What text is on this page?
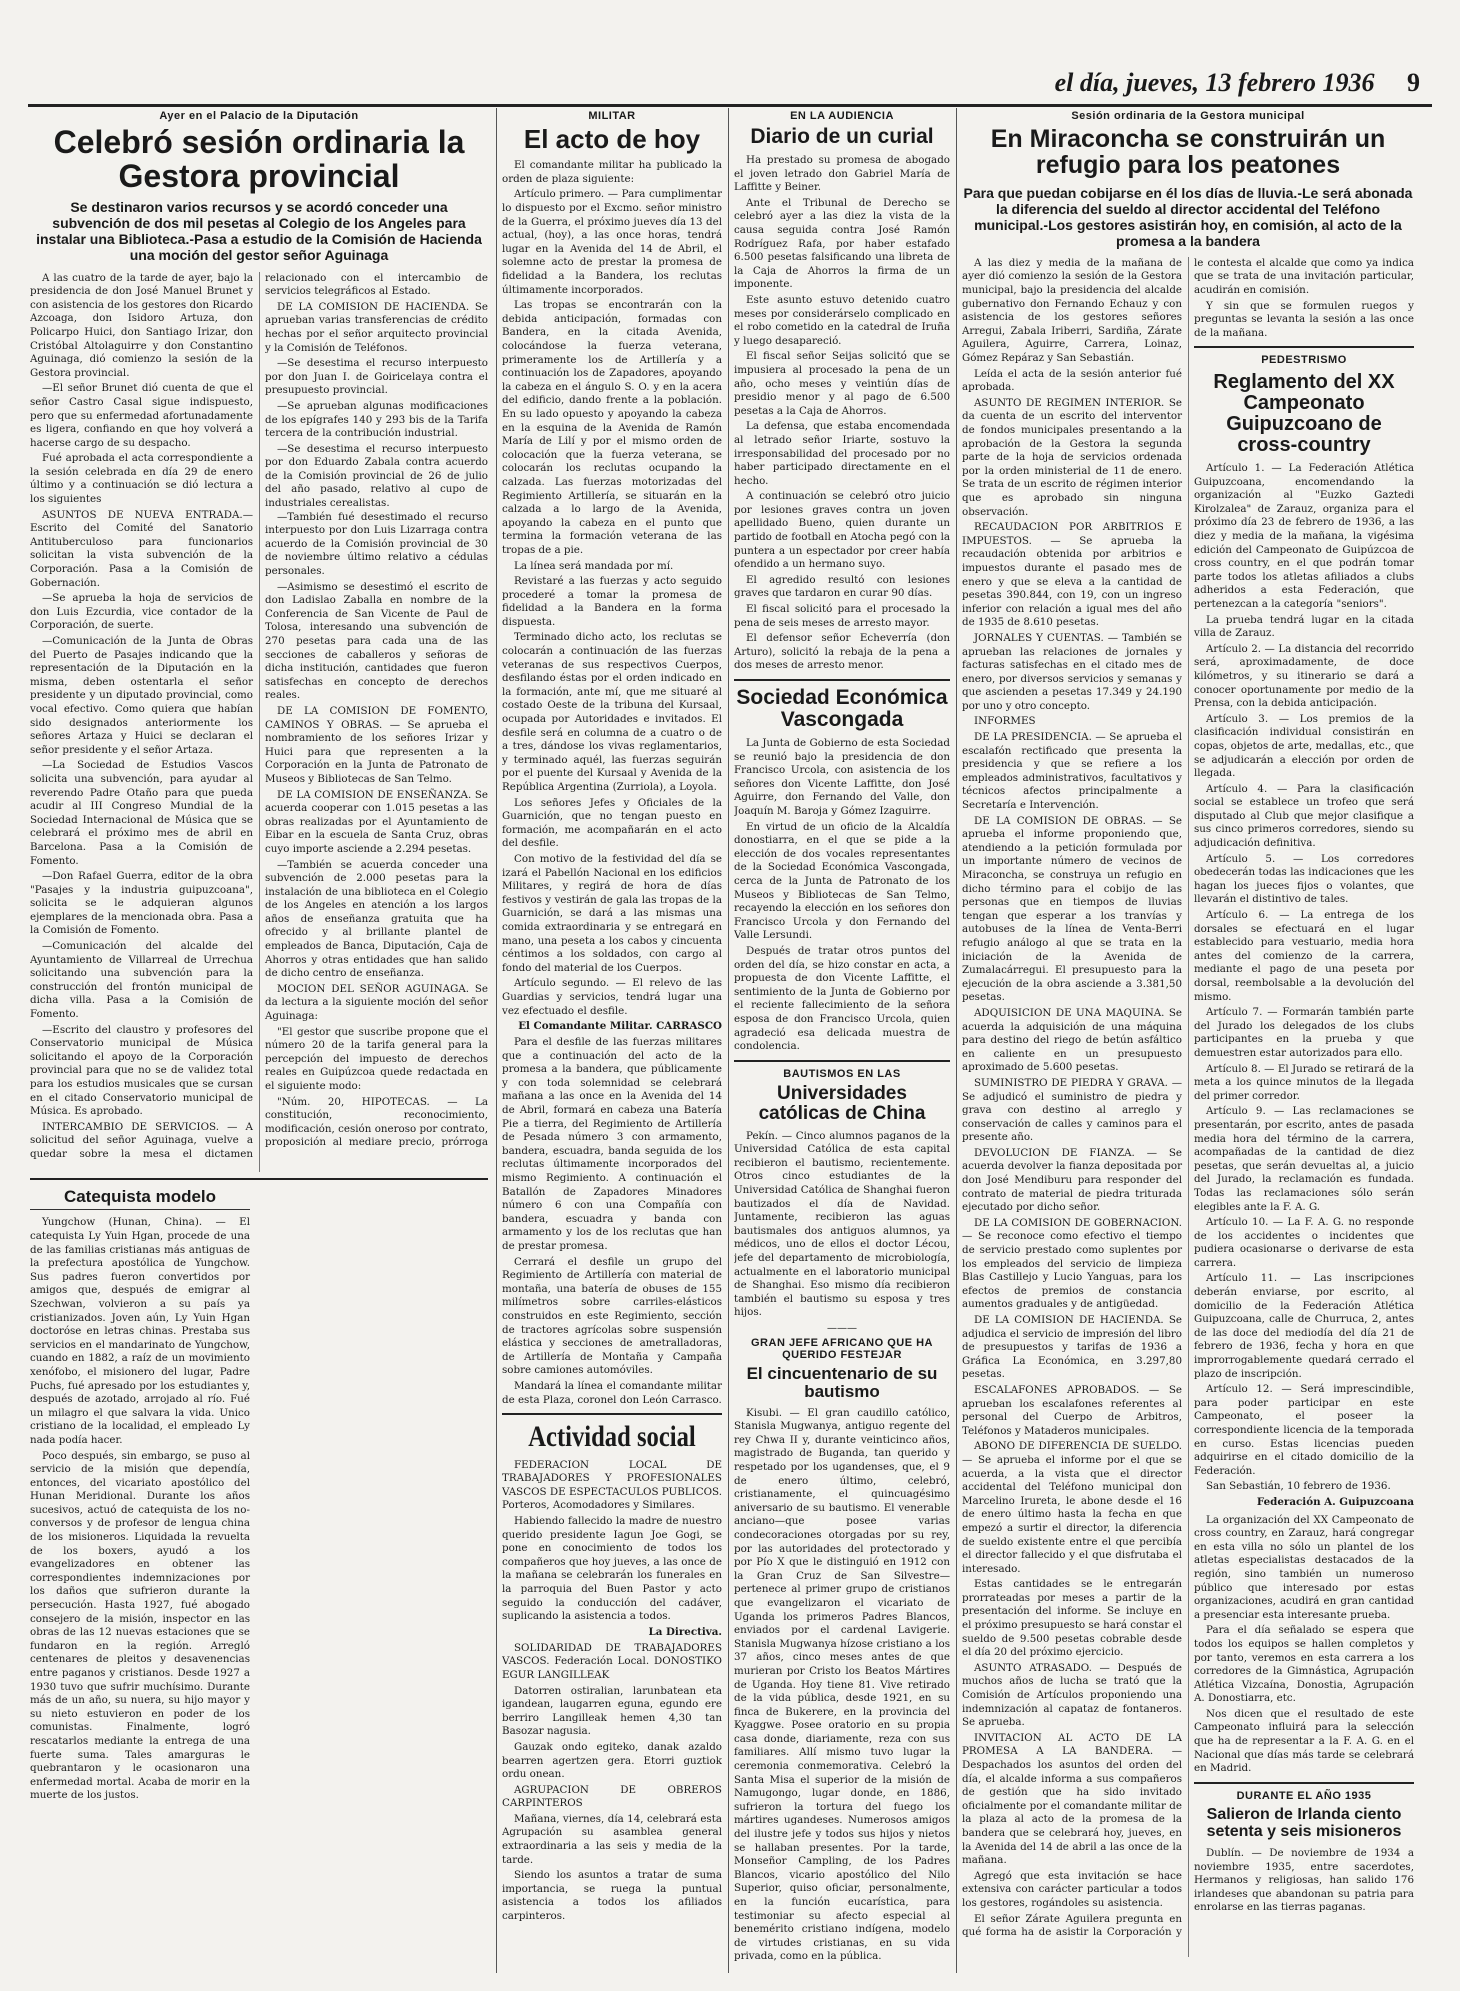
el día, jueves, 13 febrero 1936 9
Ayer en el Palacio de la Diputación
Celebró sesión ordinaria la Gestora provincial
Se destinaron varios recursos y se acordó conceder una subvención de dos mil pesetas al Colegio de los Angeles para instalar una Biblioteca.-Pasa a estudio de la Comisión de Hacienda una moción del gestor señor Aguinaga

A las cuatro de la tarde de ayer, bajo la presidencia de don José Manuel Brunet y con asistencia de los gestores don Ricardo Azcoaga, don Isidoro Artuza, don Policarpo Huici, don Santiago Irizar, don Cristóbal Altolaguirre y don Constantino Aguinaga, dió comienzo la sesión de la Gestora provincial.

—El señor Brunet dió cuenta de que el señor Castro Casal sigue indispuesto, pero que su enfermedad afortunadamente es ligera, confiando en que hoy volverá a hacerse cargo de su despacho.

Fué aprobada el acta correspondiente a la sesión celebrada en día 29 de enero último y a continuación se dió lectura a los siguientes

ASUNTOS DE NUEVA ENTRADA.— Escrito del Comité del Sanatorio Antituberculoso para funcionarios solicitan la vista subvención de la Corporación. Pasa a la Comisión de Gobernación.

—Se aprueba la hoja de servicios de don Luis Ezcurdia, vice contador de la Corporación, de suerte.

—Comunicación de la Junta de Obras del Puerto de Pasajes indicando que la representación de la Diputación en la misma, deben ostentarla el señor presidente y un diputado provincial, como vocal efectivo. Como quiera que habían sido designados anteriormente los señores Artaza y Huici se declaran el señor presidente y el señor Artaza.

—La Sociedad de Estudios Vascos solicita una subvención, para ayudar al reverendo Padre Otaño para que pueda acudir al III Congreso Mundial de la Sociedad Internacional de Música que se celebrará el próximo mes de abril en Barcelona. Pasa a la Comisión de Fomento.

—Don Rafael Guerra, editor de la obra "Pasajes y la industria guipuzcoana", solicita se le adquieran algunos ejemplares de la mencionada obra. Pasa a la Comisión de Fomento.

—Comunicación del alcalde del Ayuntamiento de Villarreal de Urrechua solicitando una subvención para la construcción del frontón municipal de dicha villa. Pasa a la Comisión de Fomento.

—Escrito del claustro y profesores del Conservatorio municipal de Música solicitando el apoyo de la Corporación provincial para que no se de validez total para los estudios musicales que se cursan en el citado Conservatorio municipal de Música. Es aprobado.

INTERCAMBIO DE SERVICIOS. — A solicitud del señor Aguinaga, vuelve a quedar sobre la mesa el dictamen relacionado con el intercambio de servicios telegráficos al Estado.

DE LA COMISION DE HACIENDA. Se aprueban varias transferencias de crédito hechas por el señor arquitecto provincial y la Comisión de Teléfonos.

—Se desestima el recurso interpuesto por don Juan I. de Goiricelaya contra el presupuesto provincial.

—Se aprueban algunas modificaciones de los epígrafes 140 y 293 bis de la Tarifa tercera de la contribución industrial.

—Se desestima el recurso interpuesto por don Eduardo Zabala contra acuerdo de la Comisión provincial de 26 de julio del año pasado, relativo al cupo de industriales cerealistas.

—También fué desestimado el recurso interpuesto por don Luis Lizarraga contra acuerdo de la Comisión provincial de 30 de noviembre último relativo a cédulas personales.

—Asimismo se desestimó el escrito de don Ladislao Zaballa en nombre de la Conferencia de San Vicente de Paul de Tolosa, interesando una subvención de 270 pesetas para cada una de las secciones de caballeros y señoras de dicha institución, cantidades que fueron satisfechas en concepto de derechos reales.

DE LA COMISION DE FOMENTO, CAMINOS Y OBRAS. — Se aprueba el nombramiento de los señores Irizar y Huici para que representen a la Corporación en la Junta de Patronato de Museos y Bibliotecas de San Telmo.

DE LA COMISION DE ENSEÑANZA. Se acuerda cooperar con 1.015 pesetas a las obras realizadas por el Ayuntamiento de Eibar en la escuela de Santa Cruz, obras cuyo importe asciende a 2.294 pesetas.

—También se acuerda conceder una subvención de 2.000 pesetas para la instalación de una biblioteca en el Colegio de los Angeles en atención a los largos años de enseñanza gratuita que ha ofrecido y al brillante plantel de empleados de Banca, Diputación, Caja de Ahorros y otras entidades que han salido de dicho centro de enseñanza.

MOCION DEL SEÑOR AGUINAGA. Se da lectura a la siguiente moción del señor Aguinaga:

"El gestor que suscribe propone que el número 20 de la tarifa general para la percepción del impuesto de derechos reales en Guipúzcoa quede redactada en el siguiente modo:

"Núm. 20, HIPOTECAS. — La constitución, reconocimiento, modificación, cesión oneroso por contrato, proposición al mediare precio, prórroga

Catequista modelo

Yungchow (Hunan, China). — El catequista Ly Yuin Hgan, procede de una de las familias cristianas más antiguas de la prefectura apostólica de Yungchow. Sus padres fueron convertidos por amigos que, después de emigrar al Szechwan, volvieron a su país ya cristianizados. Joven aún, Ly Yuin Hgan doctoróse en letras chinas. Prestaba sus servicios en el mandarinato de Yungchow, cuando en 1882, a raíz de un movimiento xenófobo, el misionero del lugar, Padre Puchs, fué apresado por los estudiantes y, después de azotado, arrojado al río. Fué un milagro el que salvara la vida. Unico cristiano de la localidad, el empleado Ly nada podía hacer.

Poco después, sin embargo, se puso al servicio de la misión que dependía, entonces, del vicariato apostólico del Hunan Meridional. Durante los años sucesivos, actuó de catequista de los no-conversos y de profesor de lengua china de los misioneros. Liquidada la revuelta de los boxers, ayudó a los evangelizadores en obtener las correspondientes indemnizaciones por los daños que sufrieron durante la persecución. Hasta 1927, fué abogado consejero de la misión, inspector en las obras de las 12 nuevas estaciones que se fundaron en la región. Arregló centenares de pleitos y desavenencias entre paganos y cristianos. Desde 1927 a 1930 tuvo que sufrir muchísimo. Durante más de un año, su nuera, su hijo mayor y su nieto estuvieron en poder de los comunistas. Finalmente, logró rescatarlos mediante la entrega de una fuerte suma. Tales amarguras le quebrantaron y le ocasionaron una enfermedad mortal. Acaba de morir en la muerte de los justos.

MILITAR
El acto de hoy

El comandante militar ha publicado la orden de plaza siguiente:

Artículo primero. — Para cumplimentar lo dispuesto por el Excmo. señor ministro de la Guerra, el próximo jueves día 13 del actual, (hoy), a las once horas, tendrá lugar en la Avenida del 14 de Abril, el solemne acto de prestar la promesa de fidelidad a la Bandera, los reclutas últimamente incorporados.

Las tropas se encontrarán con la debida anticipación, formadas con Bandera, en la citada Avenida, colocándose la fuerza veterana, primeramente los de Artillería y a continuación los de Zapadores, apoyando la cabeza en el ángulo S. O. y en la acera del edificio, dando frente a la población. En su lado opuesto y apoyando la cabeza en la esquina de la Avenida de Ramón María de Lilí y por el mismo orden de colocación que la fuerza veterana, se colocarán los reclutas ocupando la calzada. Las fuerzas motorizadas del Regimiento Artillería, se situarán en la calzada a lo largo de la Avenida, apoyando la cabeza en el punto que termina la formación veterana de las tropas de a pie.

La línea será mandada por mí.

Revistaré a las fuerzas y acto seguido procederé a tomar la promesa de fidelidad a la Bandera en la forma dispuesta.

Terminado dicho acto, los reclutas se colocarán a continuación de las fuerzas veteranas de sus respectivos Cuerpos, desfilando éstas por el orden indicado en la formación, ante mí, que me situaré al costado Oeste de la tribuna del Kursaal, ocupada por Autoridades e invitados. El desfile será en columna de a cuatro o de a tres, dándose los vivas reglamentarios, y terminado aquél, las fuerzas seguirán por el puente del Kursaal y Avenida de la República Argentina (Zurriola), a Loyola.

Los señores Jefes y Oficiales de la Guarnición, que no tengan puesto en formación, me acompañarán en el acto del desfile.

Con motivo de la festividad del día se izará el Pabellón Nacional en los edificios Militares, y regirá de hora de días festivos y vestirán de gala las tropas de la Guarnición, se dará a las mismas una comida extraordinaria y se entregará en mano, una peseta a los cabos y cincuenta céntimos a los soldados, con cargo al fondo del material de los Cuerpos.

Artículo segundo. — El relevo de las Guardias y servicios, tendrá lugar una vez efectuado el desfile.

El Comandante Militar. CARRASCO

Para el desfile de las fuerzas militares que a continuación del acto de la promesa a la bandera, que públicamente y con toda solemnidad se celebrará mañana a las once en la Avenida del 14 de Abril, formará en cabeza una Batería Pie a tierra, del Regimiento de Artillería de Pesada número 3 con armamento, bandera, escuadra, banda seguida de los reclutas últimamente incorporados del mismo Regimiento. A continuación el Batallón de Zapadores Minadores número 6 con una Compañía con bandera, escuadra y banda con armamento y los de los reclutas que han de prestar promesa.

Cerrará el desfile un grupo del Regimiento de Artillería con material de montaña, una batería de obuses de 155 milímetros sobre carriles-elásticos construidos en este Regimiento, sección de tractores agrícolas sobre suspensión elástica y secciones de ametralladoras, de Artillería de Montaña y Campaña sobre camiones automóviles.

Mandará la línea el comandante militar de esta Plaza, coronel don León Carrasco.

Actividad social

FEDERACION LOCAL DE TRABAJADORES Y PROFESIONALES VASCOS DE ESPECTACULOS PUBLICOS. Porteros, Acomodadores y Similares.

Habiendo fallecido la madre de nuestro querido presidente Iagun Joe Gogi, se pone en conocimiento de todos los compañeros que hoy jueves, a las once de la mañana se celebrarán los funerales en la parroquia del Buen Pastor y acto seguido la conducción del cadáver, suplicando la asistencia a todos.

La Directiva.

SOLIDARIDAD DE TRABAJADORES VASCOS. Federación Local. DONOSTIKO EGUR LANGILLEAK

Datorren ostiralian, larunbatean eta igandean, laugarren eguna, egundo ere berriro Langilleak hemen 4,30 tan Basozar nagusia.

Gauzak ondo egiteko, danak azaldo bearren agertzen gera. Etorri guztiok ordu onean.

AGRUPACION DE OBREROS CARPINTEROS

Mañana, viernes, día 14, celebrará esta Agrupación su asamblea general extraordinaria a las seis y media de la tarde.

Siendo los asuntos a tratar de suma importancia, se ruega la puntual asistencia a todos los afiliados carpinteros.

EN LA AUDIENCIA
Diario de un curial

Ha prestado su promesa de abogado el joven letrado don Gabriel María de Laffitte y Beiner.

Ante el Tribunal de Derecho se celebró ayer a las diez la vista de la causa seguida contra José Ramón Rodríguez Rafa, por haber estafado 6.500 pesetas falsificando una libreta de la Caja de Ahorros la firma de un imponente.

Este asunto estuvo detenido cuatro meses por considerárselo complicado en el robo cometido en la catedral de Iruña y luego desapareció.

El fiscal señor Seijas solicitó que se impusiera al procesado la pena de un año, ocho meses y veintiún días de presidio menor y al pago de 6.500 pesetas a la Caja de Ahorros.

La defensa, que estaba encomendada al letrado señor Iriarte, sostuvo la irresponsabilidad del procesado por no haber participado directamente en el hecho.

A continuación se celebró otro juicio por lesiones graves contra un joven apellidado Bueno, quien durante un partido de football en Atocha pegó con la puntera a un espectador por creer había ofendido a un hermano suyo.

El agredido resultó con lesiones graves que tardaron en curar 90 días.

El fiscal solicitó para el procesado la pena de seis meses de arresto mayor.

El defensor señor Echeverría (don Arturo), solicitó la rebaja de la pena a dos meses de arresto menor.

Sociedad Económica Vascongada

La Junta de Gobierno de esta Sociedad se reunió bajo la presidencia de don Francisco Urcola, con asistencia de los señores don Vicente Laffitte, don José Aguirre, don Fernando del Valle, don Joaquín M. Baroja y Gómez Izaguirre.

En virtud de un oficio de la Alcaldía donostiarra, en el que se pide a la elección de dos vocales representantes de la Sociedad Económica Vascongada, cerca de la Junta de Patronato de los Museos y Bibliotecas de San Telmo, recayendo la elección en los señores don Francisco Urcola y don Fernando del Valle Lersundi.

Después de tratar otros puntos del orden del día, se hizo constar en acta, a propuesta de don Vicente Laffitte, el sentimiento de la Junta de Gobierno por el reciente fallecimiento de la señora esposa de don Francisco Urcola, quien agradeció esa delicada muestra de condolencia.

BAUTISMOS EN LAS
Universidades católicas de China

Pekín. — Cinco alumnos paganos de la Universidad Católica de esta capital recibieron el bautismo, recientemente. Otros cinco estudiantes de la Universidad Católica de Shanghai fueron bautizados el día de Navidad. Juntamente, recibieron las aguas bautismales dos antiguos alumnos, ya médicos, uno de ellos el doctor Lécou, jefe del departamento de microbiología, actualmente en el laboratorio municipal de Shanghai. Eso mismo día recibieron también el bautismo su esposa y tres hijos.

———
GRAN JEFE AFRICANO QUE HA QUERIDO FESTEJAR
El cincuentenario de su bautismo

Kisubi. — El gran caudillo católico, Stanisla Mugwanya, antiguo regente del rey Chwa II y, durante veinticinco años, magistrado de Buganda, tan querido y respetado por los ugandenses, que, el 9 de enero último, celebró, cristianamente, el quincuagésimo aniversario de su bautismo. El venerable anciano—que posee varias condecoraciones otorgadas por su rey, por las autoridades del protectorado y por Pío X que le distinguió en 1912 con la Gran Cruz de San Silvestre—pertenece al primer grupo de cristianos que evangelizaron el vicariato de Uganda los primeros Padres Blancos, enviados por el cardenal Lavigerie. Stanisla Mugwanya hízose cristiano a los 37 años, cinco meses antes de que murieran por Cristo los Beatos Mártires de Uganda. Hoy tiene 81. Vive retirado de la vida pública, desde 1921, en su finca de Bukerere, en la provincia del Kyaggwe. Posee oratorio en su propia casa donde, diariamente, reza con sus familiares. Allí mismo tuvo lugar la ceremonia conmemorativa. Celebró la Santa Misa el superior de la misión de Namugongo, lugar donde, en 1886, sufrieron la tortura del fuego los mártires ugandeses. Numerosos amigos del ilustre jefe y todos sus hijos y nietos se hallaban presentes. Por la tarde, Monseñor Campling, de los Padres Blancos, vicario apostólico del Nilo Superior, quiso oficiar, personalmente, en la función eucarística, para testimoniar su afecto especial al benemérito cristiano indígena, modelo de virtudes cristianas, en su vida privada, como en la pública.

Sesión ordinaria de la Gestora municipal
En Miraconcha se construirán un refugio para los peatones
Para que puedan cobijarse en él los días de lluvia.-Le será abonada la diferencia del sueldo al director accidental del Teléfono municipal.-Los gestores asistirán hoy, en comisión, al acto de la promesa a la bandera

A las diez y media de la mañana de ayer dió comienzo la sesión de la Gestora municipal, bajo la presidencia del alcalde gubernativo don Fernando Echauz y con asistencia de los gestores señores Arregui, Zabala Iriberri, Sardiña, Zárate Aguilera, Aguirre, Carrera, Loinaz, Gómez Repáraz y San Sebastián.

Leída el acta de la sesión anterior fué aprobada.

ASUNTO DE REGIMEN INTERIOR. Se da cuenta de un escrito del interventor de fondos municipales presentando a la aprobación de la Gestora la segunda parte de la hoja de servicios ordenada por la orden ministerial de 11 de enero. Se trata de un escrito de régimen interior que es aprobado sin ninguna observación.

RECAUDACION POR ARBITRIOS E IMPUESTOS. — Se aprueba la recaudación obtenida por arbitrios e impuestos durante el pasado mes de enero y que se eleva a la cantidad de pesetas 390.844, con 19, con un ingreso inferior con relación a igual mes del año de 1935 de 8.610 pesetas.

JORNALES Y CUENTAS. — También se aprueban las relaciones de jornales y facturas satisfechas en el citado mes de enero, por diversos servicios y semanas y que ascienden a pesetas 17.349 y 24.190 por uno y otro concepto.

INFORMES

DE LA PRESIDENCIA. — Se aprueba el escalafón rectificado que presenta la presidencia y que se refiere a los empleados administrativos, facultativos y técnicos afectos principalmente a Secretaría e Intervención.

DE LA COMISION DE OBRAS. — Se aprueba el informe proponiendo que, atendiendo a la petición formulada por un importante número de vecinos de Miraconcha, se construya un refugio en dicho término para el cobijo de las personas que en tiempos de lluvias tengan que esperar a los tranvías y autobuses de la línea de Venta-Berri refugio análogo al que se trata en la iniciación de la Avenida de Zumalacárregui. El presupuesto para la ejecución de la obra asciende a 3.381,50 pesetas.

ADQUISICION DE UNA MAQUINA. Se acuerda la adquisición de una máquina para destino del riego de betún asfáltico en caliente en un presupuesto aproximado de 5.600 pesetas.

SUMINISTRO DE PIEDRA Y GRAVA. — Se adjudicó el suministro de piedra y grava con destino al arreglo y conservación de calles y caminos para el presente año.

DEVOLUCION DE FIANZA. — Se acuerda devolver la fianza depositada por don José Mendiburu para responder del contrato de material de piedra triturada ejecutado por dicho señor.

DE LA COMISION DE GOBERNACION. — Se reconoce como efectivo el tiempo de servicio prestado como suplentes por los empleados del servicio de limpieza Blas Castillejo y Lucio Yanguas, para los efectos de premios de constancia aumentos graduales y de antigüedad.

DE LA COMISION DE HACIENDA. Se adjudica el servicio de impresión del libro de presupuestos y tarifas de 1936 a Gráfica La Económica, en 3.297,80 pesetas.

ESCALAFONES APROBADOS. — Se aprueban los escalafones referentes al personal del Cuerpo de Arbitros, Teléfonos y Mataderos municipales.

ABONO DE DIFERENCIA DE SUELDO. — Se aprueba el informe por el que se acuerda, a la vista que el director accidental del Teléfono municipal don Marcelino Irureta, le abone desde el 16 de enero último hasta la fecha en que empezó a surtir el director, la diferencia de sueldo existente entre el que percibía el director fallecido y el que disfrutaba el interesado.

Estas cantidades se le entregarán prorrateadas por meses a partir de la presentación del informe. Se incluye en el próximo presupuesto se hará constar el sueldo de 9.500 pesetas cobrable desde el día 20 del próximo ejercicio.

ASUNTO ATRASADO. — Después de muchos años de lucha se trató que la Comisión de Artículos proponiendo una indemnización al capataz de fontaneros. Se aprueba.

INVITACION AL ACTO DE LA PROMESA A LA BANDERA. — Despachados los asuntos del orden del día, el alcalde informa a sus compañeros de gestión que ha sido invitado oficialmente por el comandante militar de la plaza al acto de la promesa de la bandera que se celebrará hoy, jueves, en la Avenida del 14 de abril a las once de la mañana.

Agregó que esta invitación se hace extensiva con carácter particular a todos los gestores, rogándoles su asistencia.

El señor Zárate Aguilera pregunta en qué forma ha de asistir la Corporación y le contesta el alcalde que como ya indica que se trata de una invitación particular, acudirán en comisión.

Y sin que se formulen ruegos y preguntas se levanta la sesión a las once de la mañana.

PEDESTRISMO
Reglamento del XX Campeonato Guipuzcoano de cross-country

Artículo 1. — La Federación Atlética Guipuzcoana, encomendando la organización al "Euzko Gaztedi Kirolzalea" de Zarauz, organiza para el próximo día 23 de febrero de 1936, a las diez y media de la mañana, la vigésima edición del Campeonato de Guipúzcoa de cross country, en el que podrán tomar parte todos los atletas afiliados a clubs adheridos a esta Federación, que pertenezcan a la categoría "seniors".

La prueba tendrá lugar en la citada villa de Zarauz.

Artículo 2. — La distancia del recorrido será, aproximadamente, de doce kilómetros, y su itinerario se dará a conocer oportunamente por medio de la Prensa, con la debida anticipación.

Artículo 3. — Los premios de la clasificación individual consistirán en copas, objetos de arte, medallas, etc., que se adjudicarán a elección por orden de llegada.

Artículo 4. — Para la clasificación social se establece un trofeo que será disputado al Club que mejor clasifique a sus cinco primeros corredores, siendo su adjudicación definitiva.

Artículo 5. — Los corredores obedecerán todas las indicaciones que les hagan los jueces fijos o volantes, que llevarán el distintivo de tales.

Artículo 6. — La entrega de los dorsales se efectuará en el lugar establecido para vestuario, media hora antes del comienzo de la carrera, mediante el pago de una peseta por dorsal, reembolsable a la devolución del mismo.

Artículo 7. — Formarán también parte del Jurado los delegados de los clubs participantes en la prueba y que demuestren estar autorizados para ello.

Artículo 8. — El Jurado se retirará de la meta a los quince minutos de la llegada del primer corredor.

Artículo 9. — Las reclamaciones se presentarán, por escrito, antes de pasada media hora del término de la carrera, acompañadas de la cantidad de diez pesetas, que serán devueltas al, a juicio del Jurado, la reclamación es fundada. Todas las reclamaciones sólo serán elegibles ante la F. A. G.

Artículo 10. — La F. A. G. no responde de los accidentes o incidentes que pudiera ocasionarse o derivarse de esta carrera.

Artículo 11. — Las inscripciones deberán enviarse, por escrito, al domicilio de la Federación Atlética Guipuzcoana, calle de Churruca, 2, antes de las doce del mediodía del día 21 de febrero de 1936, fecha y hora en que improrrogablemente quedará cerrado el plazo de inscripción.

Artículo 12. — Será imprescindible, para poder participar en este Campeonato, el poseer la correspondiente licencia de la temporada en curso. Estas licencias pueden adquirirse en el citado domicilio de la Federación.

San Sebastián, 10 febrero de 1936.

Federación A. Guipuzcoana

La organización del XX Campeonato de cross country, en Zarauz, hará congregar en esta villa no sólo un plantel de los atletas especialistas destacados de la región, sino también un numeroso público que interesado por estas organizaciones, acudirá en gran cantidad a presenciar esta interesante prueba.

Para el día señalado se espera que todos los equipos se hallen completos y por tanto, veremos en esta carrera a los corredores de la Gimnástica, Agrupación Atlética Vizcaína, Donostia, Agrupación A. Donostiarra, etc.

Nos dicen que el resultado de este Campeonato influirá para la selección que ha de representar a la F. A. G. en el Nacional que días más tarde se celebrará en Madrid.

DURANTE EL AÑO 1935
Salieron de Irlanda ciento setenta y seis misioneros

Dublín. — De noviembre de 1934 a noviembre 1935, entre sacerdotes, Hermanos y religiosas, han salido 176 irlandeses que abandonan su patria para enrolarse en las tierras paganas.
